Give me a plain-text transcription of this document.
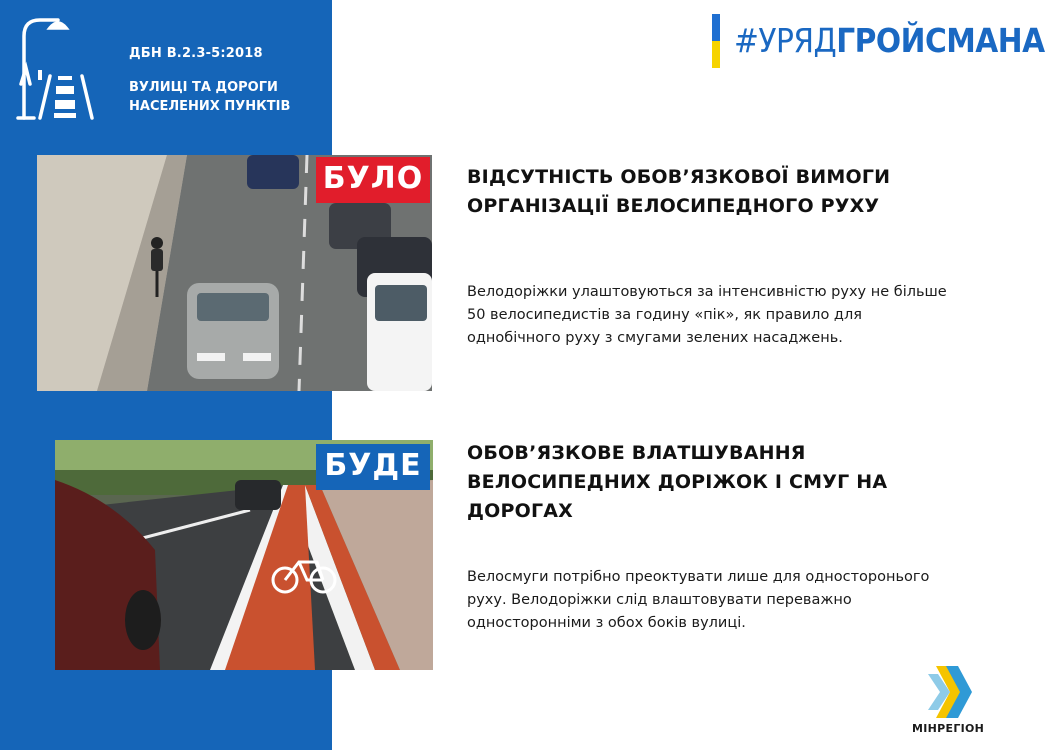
ДБН В.2.3-5:2018
ВУЛИЦІ ТА ДОРОГИ НАСЕЛЕНИХ ПУНКТІВ
#УРЯДГРОЙСМАНА
БУЛО	ВІДСУТНІСТЬ ОБОВ’ЯЗКОВОЇ ВИМОГИ ОРГАНІЗАЦІЇ ВЕЛОСИПЕДНОГО РУХУ
Велодоріжки улаштовуються за інтенсивністю руху не більше 50 велосипедистів за годину «пік», як правило для однобічного руху з смугами зелених насаджень.
БУДЕ	ОБОВ’ЯЗКОВЕ ВЛАТШУВАННЯ ВЕЛОСИПЕДНИХ ДОРІЖОК І СМУГ НА ДОРОГАХ
Велосмуги потрібно преоктувати лише для односторонього руху. Велодоріжки слід влаштовувати переважно односторонніми з обох боків вулиці.
МІНРЕГІОН
